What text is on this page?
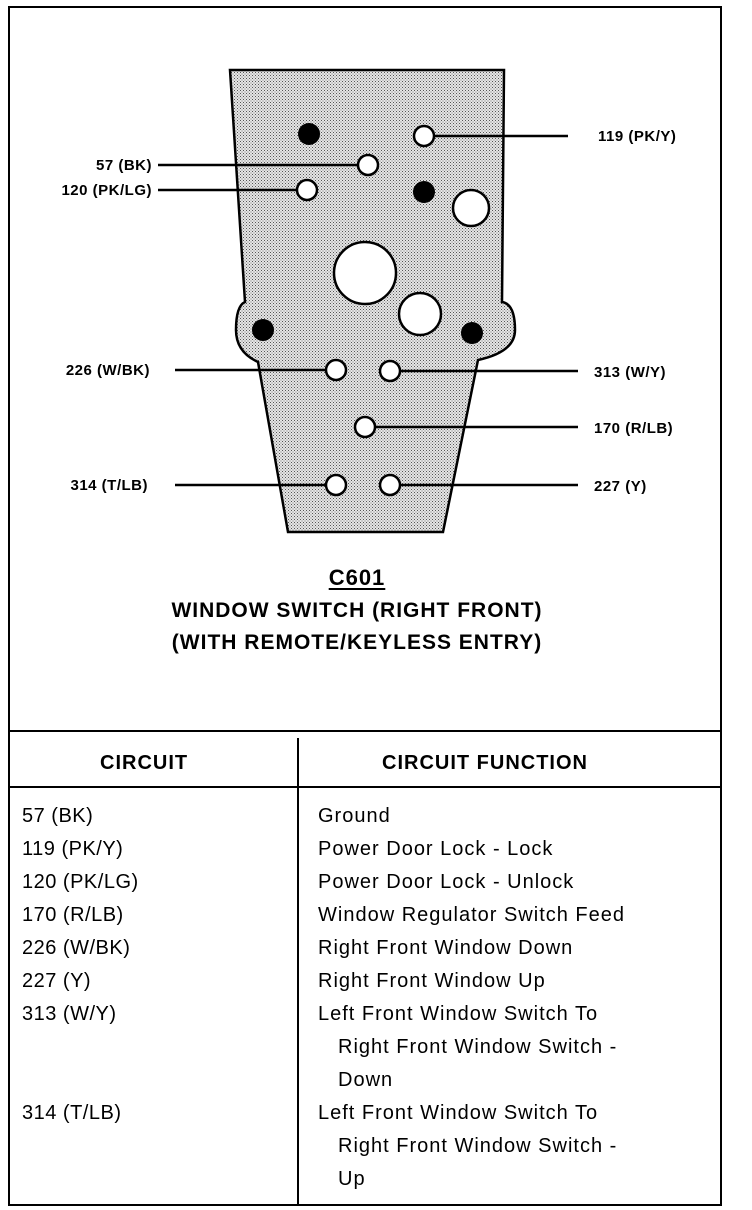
119 (PK/Y)
57 (BK)
120 (PK/LG)
226 (W/BK)	313 (W/Y)
170 (R/LB)
314 (T/LB)	227 (Y)
C601
WINDOW SWITCH (RIGHT FRONT)
(WITH REMOTE/KEYLESS ENTRY)
CIRCUIT	CIRCUIT FUNCTION
57 (BK)	Ground
119 (PK/Y)	Power Door Lock - Lock
120 (PK/LG)	Power Door Lock - Unlock
170 (R/LB)	Window Regulator Switch Feed
226 (W/BK)	Right Front Window Down
227 (Y)	Right Front Window Up
313 (W/Y)	Left Front Window Switch To
Right Front Window Switch -
Down
314 (T/LB)	Left Front Window Switch To
Right Front Window Switch -
Up
